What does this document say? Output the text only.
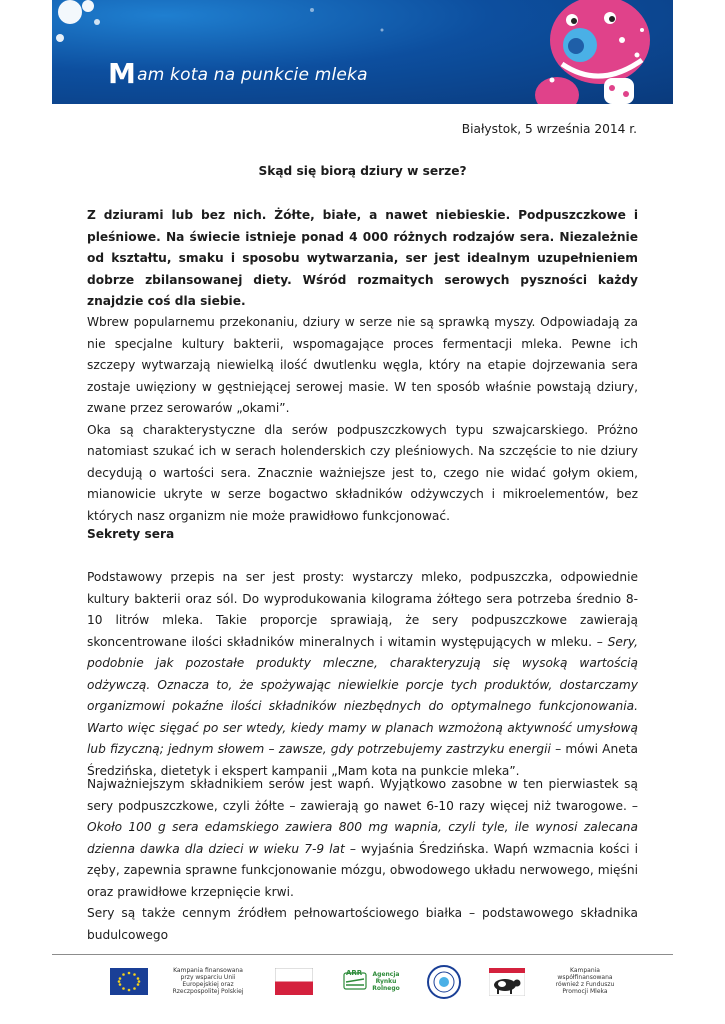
Mam kota na punkcie mleka
Białystok, 5 września 2014 r.
Skąd się biorą dziury w serze?

Z dziurami lub bez nich. Żółte, białe, a nawet niebieskie. Podpuszczkowe i pleśniowe. Na świecie istnieje ponad 4 000 różnych rodzajów sera. Niezależnie od kształtu, smaku i sposobu wytwarzania, ser jest idealnym uzupełnieniem dobrze zbilansowanej diety. Wśród rozmaitych serowych pyszności każdy znajdzie coś dla siebie.

Wbrew popularnemu przekonaniu, dziury w serze nie są sprawką myszy. Odpowiadają za nie specjalne kultury bakterii, wspomagające proces fermentacji mleka. Pewne ich szczepy wytwarzają niewielką ilość dwutlenku węgla, który na etapie dojrzewania sera zostaje uwięziony w gęstniejącej serowej masie. W ten sposób właśnie powstają dziury, zwane przez serowarów „okami”.

Oka są charakterystyczne dla serów podpuszczkowych typu szwajcarskiego. Próżno natomiast szukać ich w serach holenderskich czy pleśniowych. Na szczęście to nie dziury decydują o wartości sera. Znacznie ważniejsze jest to, czego nie widać gołym okiem, mianowicie ukryte w serze bogactwo składników odżywczych i mikroelementów, bez których nasz organizm nie może prawidłowo funkcjonować.

Sekrety sera

Podstawowy przepis na ser jest prosty: wystarczy mleko, podpuszczka, odpowiednie kultury bakterii oraz sól. Do wyprodukowania kilograma żółtego sera potrzeba średnio 8-10 litrów mleka. Takie proporcje sprawiają, że sery podpuszczkowe zawierają skoncentrowane ilości składników mineralnych i witamin występujących w mleku. – Sery, podobnie jak pozostałe produkty mleczne, charakteryzują się wysoką wartością odżywczą. Oznacza to, że spożywając niewielkie porcje tych produktów, dostarczamy organizmowi pokaźne ilości składników niezbędnych do optymalnego funkcjonowania. Warto więc sięgać po ser wtedy, kiedy mamy w planach wzmożoną aktywność umysłową lub fizyczną; jednym słowem – zawsze, gdy potrzebujemy zastrzyku energii – mówi Aneta Średzińska, dietetyk i ekspert kampanii „Mam kota na punkcie mleka”.

Najważniejszym składnikiem serów jest wapń. Wyjątkowo zasobne w ten pierwiastek są sery podpuszczkowe, czyli żółte – zawierają go nawet 6-10 razy więcej niż twarogowe. – Około 100 g sera edamskiego zawiera 800 mg wapnia, czyli tyle, ile wynosi zalecana dzienna dawka dla dzieci w wieku 7-9 lat – wyjaśnia Średzińska. Wapń wzmacnia kości i zęby, zapewnia sprawne funkcjonowanie mózgu, obwodowego układu nerwowego, mięśni oraz prawidłowe krzepnięcie krwi.

Sery są także cennym źródłem pełnowartościowego białka – podstawowego składnika budulcowego

Kampania finansowana przy wsparciu Unii Europejskiej oraz Rzeczpospolitej Polskiej
ARR	Agencja Rynku Rolnego
Kampania współfinansowana również z Funduszu Promocji Mleka
